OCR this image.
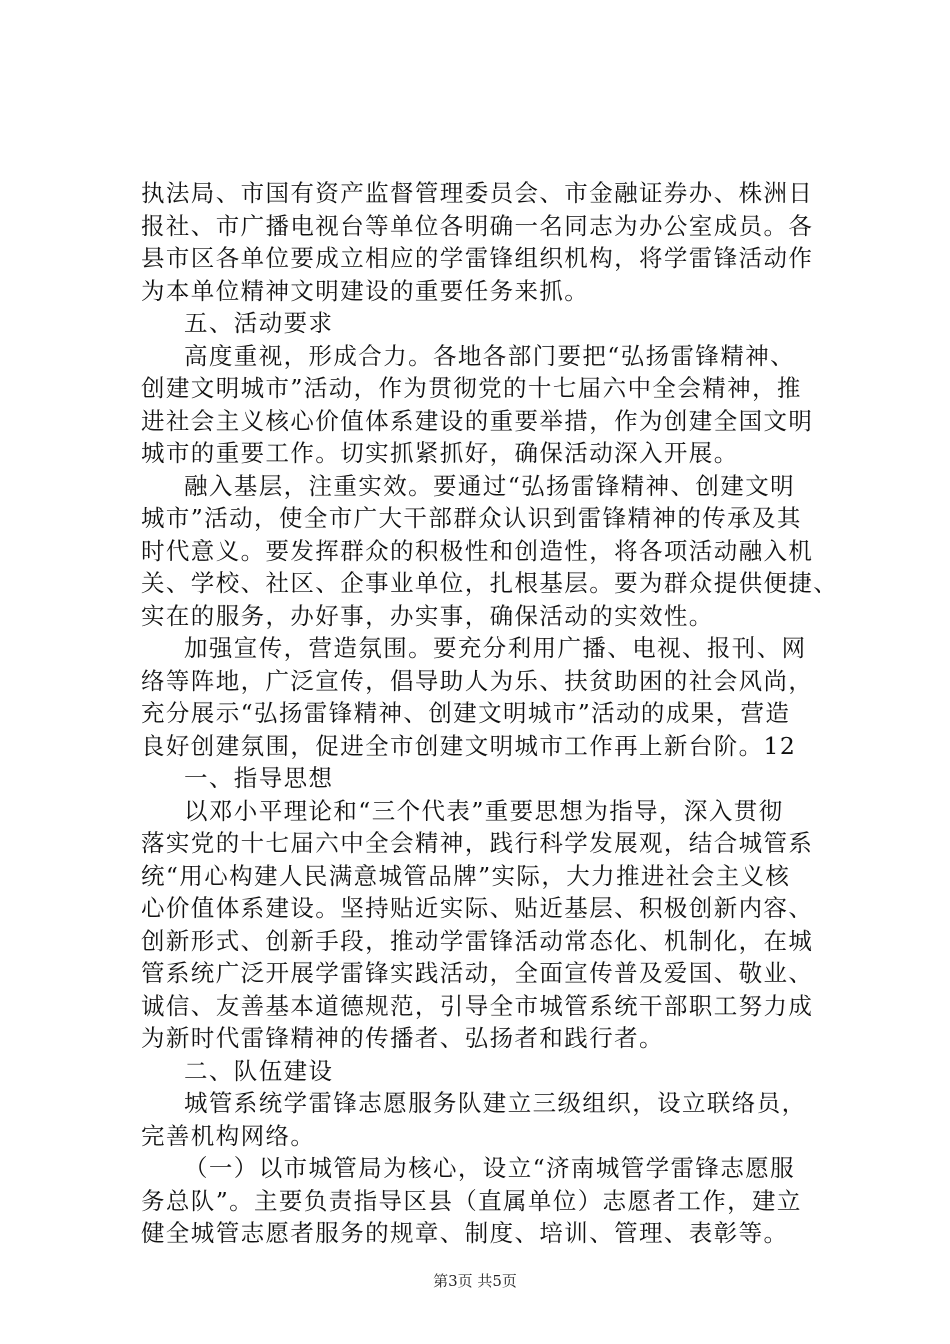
执法局、市国有资产监督管理委员会、市金融证券办、株洲日
报社、市广播电视台等单位各明确一名同志为办公室成员。各
县市区各单位要成立相应的学雷锋组织机构，将学雷锋活动作
为本单位精神文明建设的重要任务来抓。
五、活动要求
高度重视，形成合力。各地各部门要把“弘扬雷锋精神、
创建文明城市”活动，作为贯彻党的十七届六中全会精神，推
进社会主义核心价值体系建设的重要举措，作为创建全国文明
城市的重要工作。切实抓紧抓好，确保活动深入开展。
融入基层，注重实效。要通过“弘扬雷锋精神、创建文明
城市”活动，使全市广大干部群众认识到雷锋精神的传承及其
时代意义。要发挥群众的积极性和创造性，将各项活动融入机
关、学校、社区、企事业单位，扎根基层。要为群众提供便捷、
实在的服务，办好事，办实事，确保活动的实效性。
加强宣传，营造氛围。要充分利用广播、电视、报刊、网
络等阵地，广泛宣传，倡导助人为乐、扶贫助困的社会风尚，
充分展示“弘扬雷锋精神、创建文明城市”活动的成果，营造
良好创建氛围，促进全市创建文明城市工作再上新台阶。12
一、指导思想
以邓小平理论和“三个代表”重要思想为指导，深入贯彻
落实党的十七届六中全会精神，践行科学发展观，结合城管系
统“用心构建人民满意城管品牌”实际，大力推进社会主义核
心价值体系建设。坚持贴近实际、贴近基层、积极创新内容、
创新形式、创新手段，推动学雷锋活动常态化、机制化，在城
管系统广泛开展学雷锋实践活动，全面宣传普及爱国、敬业、
诚信、友善基本道德规范，引导全市城管系统干部职工努力成
为新时代雷锋精神的传播者、弘扬者和践行者。
二、队伍建设
城管系统学雷锋志愿服务队建立三级组织，设立联络员，
完善机构网络。
（一）以市城管局为核心，设立“济南城管学雷锋志愿服
务总队”。主要负责指导区县（直属单位）志愿者工作，建立
健全城管志愿者服务的规章、制度、培训、管理、表彰等。
第3页 共5页
